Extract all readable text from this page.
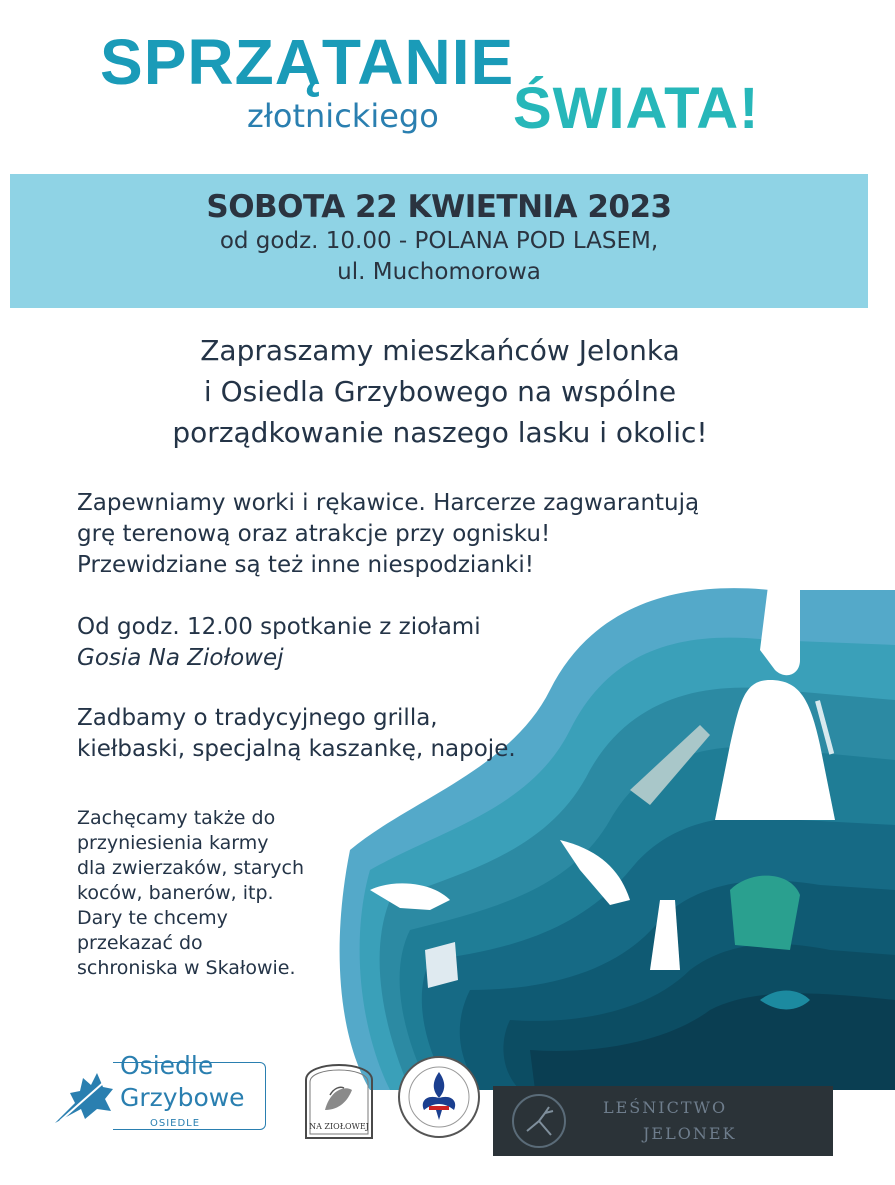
SPRZĄTANIE
złotnickiego ŚWIATA!
SOBOTA 22 KWIETNIA 2023
od godz. 10.00 - POLANA POD LASEM,
ul. Muchomorowa
Zapraszamy mieszkańców Jelonka
i Osiedla Grzybowego na wspólne
porządkowanie naszego lasku i okolic!
Zapewniamy worki i rękawice. Harcerze zagwarantują
grę terenową oraz atrakcje przy ognisku!
Przewidziane są też inne niespodzianki!
Od godz. 12.00 spotkanie z ziołami
Gosia Na Ziołowej
Zadbamy o tradycyjnego grilla,
kiełbaski, specjalną kaszankę, napoje.
Zachęcamy także do
przyniesienia karmy
dla zwierzaków, starych
koców, banerów, itp.
Dary te chcemy
przekazać do
schroniska w Skałowie.
Osiedle
Grzybowe
OSIEDLE	NA ZIOŁOWEJ
LEŚNICTWO
JELONEK
